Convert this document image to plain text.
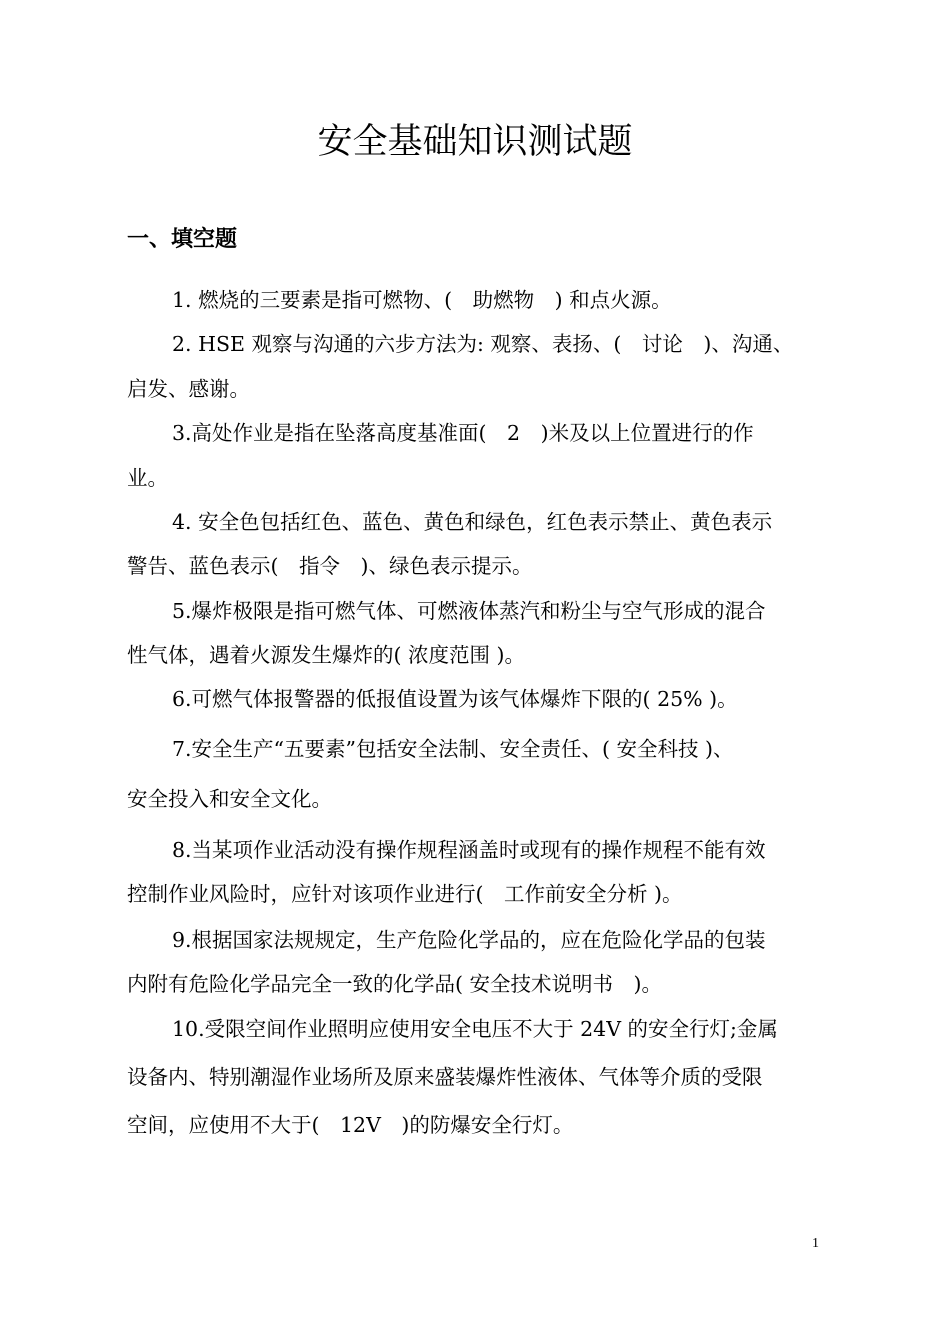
安全基础知识测试题
一、填空题
1. 燃烧的三要素是指可燃物、(　助燃物　) 和点火源。
2. HSE 观察与沟通的六步方法为: 观察、表扬、(　讨论　)、沟通、
启发、感谢。
3.高处作业是指在坠落高度基准面(　2　)米及以上位置进行的作
业。
4. 安全色包括红色、蓝色、黄色和绿色，红色表示禁止、黄色表示
警告、蓝色表示(　指令　)、绿色表示提示。
5.爆炸极限是指可燃气体、可燃液体蒸汽和粉尘与空气形成的混合
性气体，遇着火源发生爆炸的( 浓度范围 )。
6.可燃气体报警器的低报值设置为该气体爆炸下限的( 25% )。
7.安全生产“五要素”包括安全法制、安全责任、( 安全科技 )、
安全投入和安全文化。
8.当某项作业活动没有操作规程涵盖时或现有的操作规程不能有效
控制作业风险时，应针对该项作业进行(　工作前安全分析 )。
9.根据国家法规规定，生产危险化学品的，应在危险化学品的包装
内附有危险化学品完全一致的化学品( 安全技术说明书　)。
10.受限空间作业照明应使用安全电压不大于 24V 的安全行灯;金属
设备内、特别潮湿作业场所及原来盛装爆炸性液体、气体等介质的受限
空间，应使用不大于(　12V　)的防爆安全行灯。
1
